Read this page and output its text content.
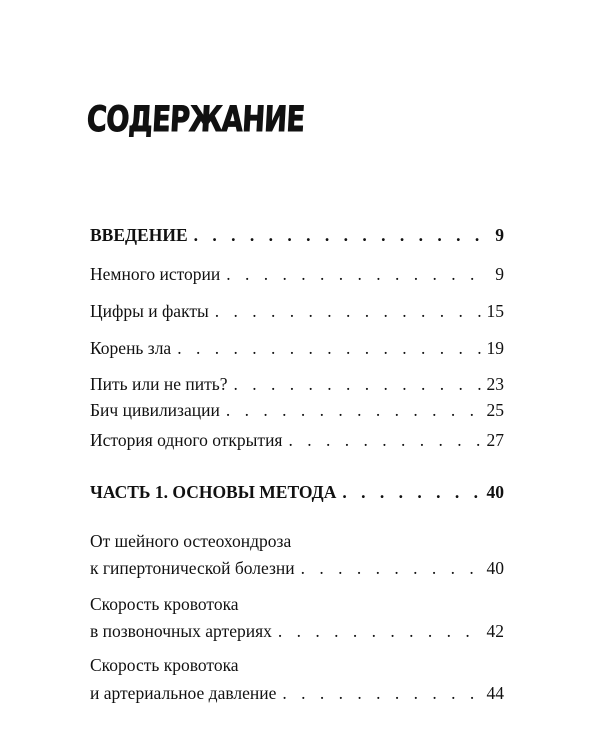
СОДЕРЖАНИЕ
ВВЕДЕНИЕ . . .	9
Немного истории . . .	9
Цифры и факты . . .	15
Корень зла . . .	19
Пить или не пить? . . .	23
Бич цивилизации . . .	25
История одного открытия . . .	27
ЧАСТЬ 1. ОСНОВЫ МЕТОДА . . .	40
От шейного остеохондроза
к гипертонической болезни . . .	40
Скорость кровотока
в позвоночных артериях . . .	42
Скорость кровотока
и артериальное давление . . .	44
